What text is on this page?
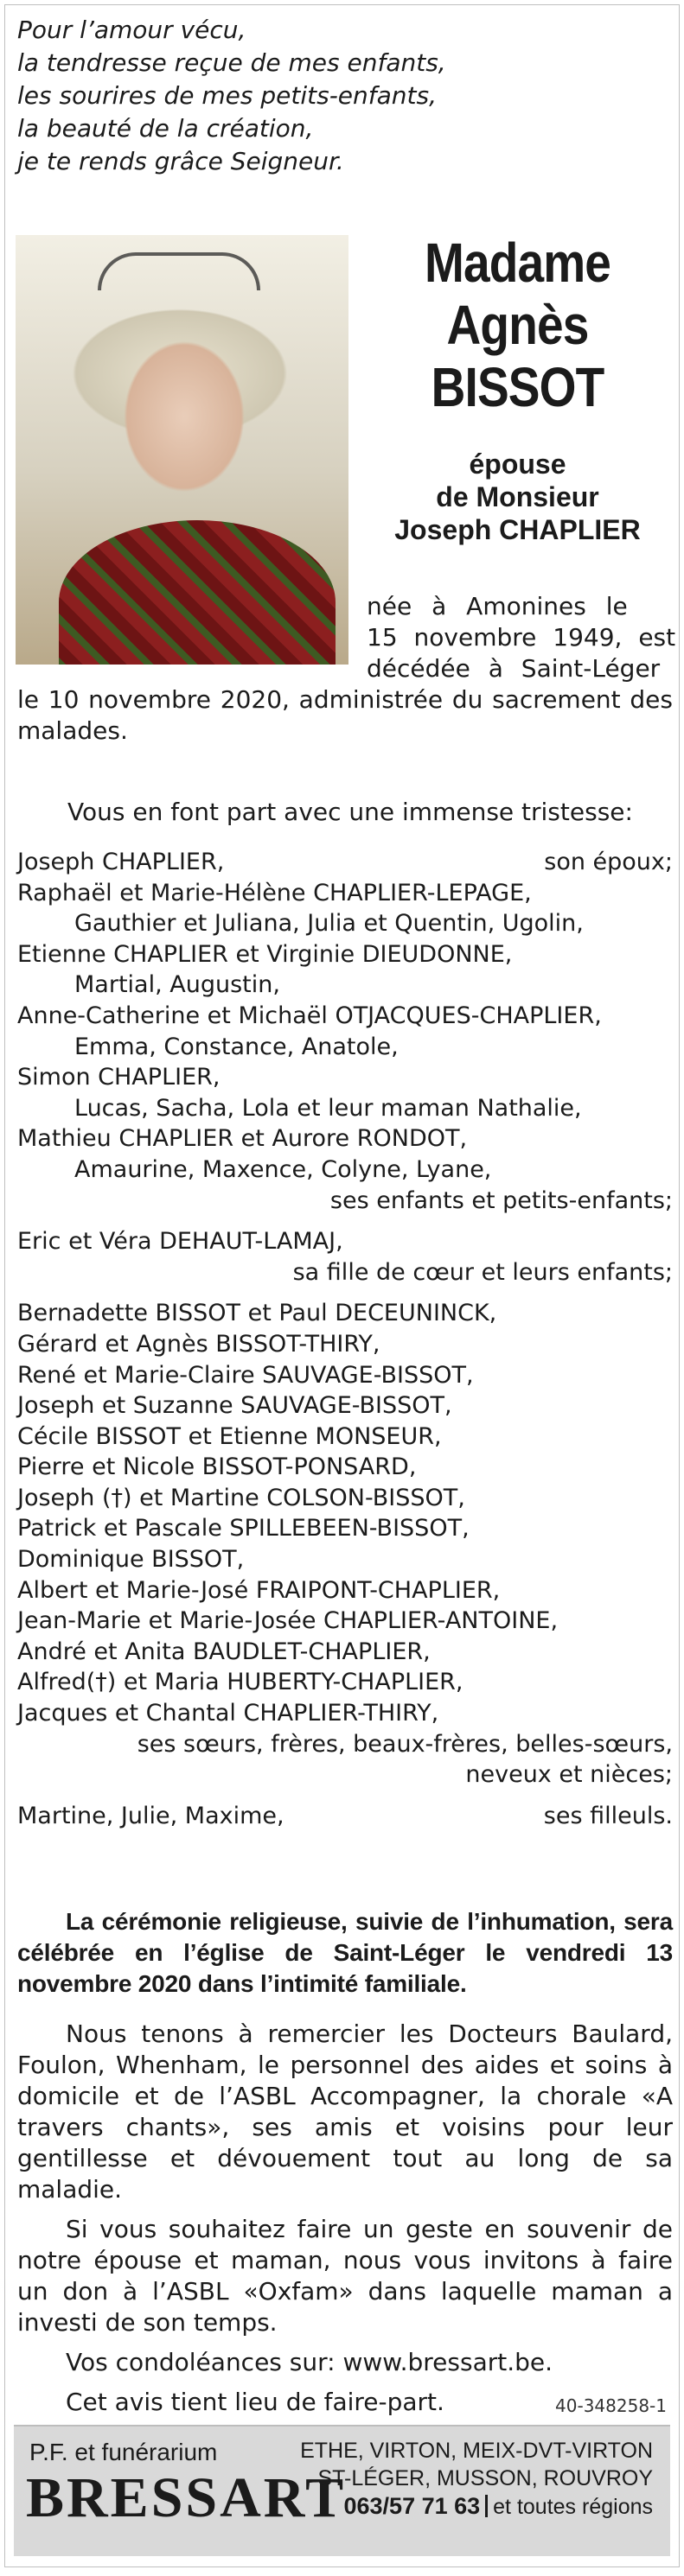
Pour l’amour vécu,
la tendresse reçue de mes enfants,
les sourires de mes petits-enfants,
la beauté de la création,
je te rends grâce Seigneur.
Madame
Agnès
BISSOT
épouse
de Monsieur
Joseph CHAPLIER
née à Amonines le
15 novembre 1949, est
décédée à Saint-Léger
le 10 novembre 2020, administrée du sacrement des malades.
Vous en font part avec une immense tristesse:
Joseph CHAPLIER,	son époux;
Raphaël et Marie-Hélène CHAPLIER-LEPAGE,
Gauthier et Juliana, Julia et Quentin, Ugolin,
Etienne CHAPLIER et Virginie DIEUDONNE,
Martial, Augustin,
Anne-Catherine et Michaël OTJACQUES-CHAPLIER,
Emma, Constance, Anatole,
Simon CHAPLIER,
Lucas, Sacha, Lola et leur maman Nathalie,
Mathieu CHAPLIER et Aurore RONDOT,
Amaurine, Maxence, Colyne, Lyane,
ses enfants et petits-enfants;
Eric et Véra DEHAUT-LAMAJ,
sa fille de cœur et leurs enfants;
Bernadette BISSOT et Paul DECEUNINCK,
Gérard et Agnès BISSOT-THIRY,
René et Marie-Claire SAUVAGE-BISSOT,
Joseph et Suzanne SAUVAGE-BISSOT,
Cécile BISSOT et Etienne MONSEUR,
Pierre et Nicole BISSOT-PONSARD,
Joseph (†) et Martine COLSON-BISSOT,
Patrick et Pascale SPILLEBEEN-BISSOT,
Dominique BISSOT,
Albert et Marie-José FRAIPONT-CHAPLIER,
Jean-Marie et Marie-Josée CHAPLIER-ANTOINE,
André et Anita BAUDLET-CHAPLIER,
Alfred(†) et Maria HUBERTY-CHAPLIER,
Jacques et Chantal CHAPLIER-THIRY,
ses sœurs, frères, beaux-frères, belles-sœurs,
neveux et nièces;
Martine, Julie, Maxime,	ses filleuls.
La cérémonie religieuse, suivie de l’inhumation, sera célébrée en l’église de Saint-Léger le vendredi 13 novembre 2020 dans l’intimité familiale.

Nous tenons à remercier les Docteurs Baulard, Foulon, Whenham, le personnel des aides et soins à domicile et de l’ASBL Accompagner, la chorale «A travers chants», ses amis et voisins pour leur gentillesse et dévouement tout au long de sa maladie.

Si vous souhaitez faire un geste en souvenir de notre épouse et maman, nous vous invitons à faire un don à l’ASBL «Oxfam» dans laquelle maman a investi de son temps.

Vos condoléances sur: www.bressart.be.

Cet avis tient lieu de faire-part.	40-348258-1
P.F. et funérarium
BRESSART
ETHE, VIRTON, MEIX-DVT-VIRTON
ST-LÉGER, MUSSON, ROUVROY
063/57 71 63 et toutes régions
